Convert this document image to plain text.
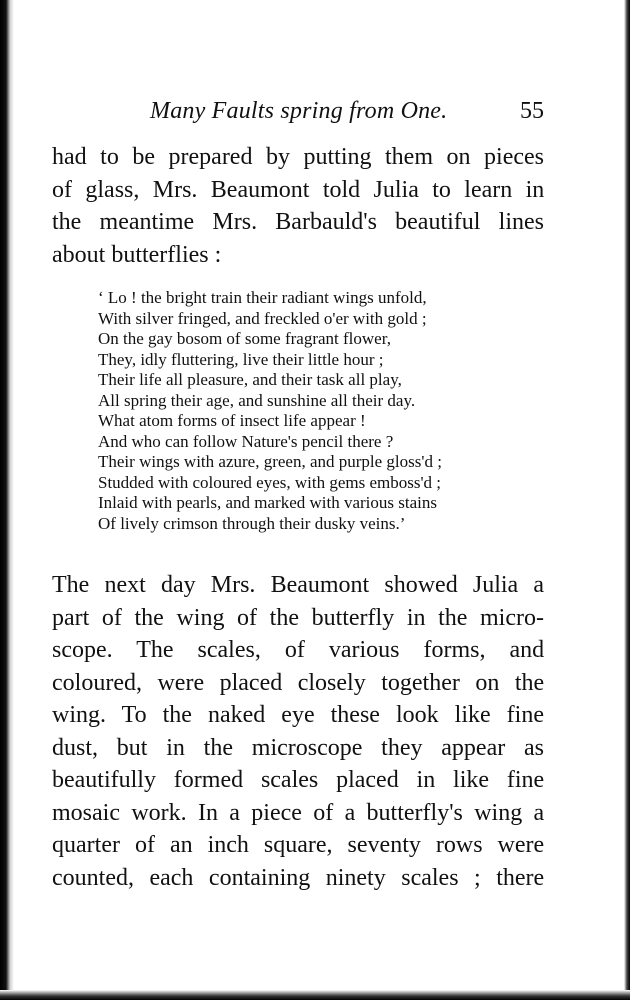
Many Faults spring from One.	55
had to be prepared by putting them on pieces
of glass, Mrs. Beaumont told Julia to learn in
the meantime Mrs. Barbauld's beautiful lines
about butterflies :
‘ Lo ! the bright train their radiant wings unfold,
With silver fringed, and freckled o'er with gold ;
On the gay bosom of some fragrant flower,
They, idly fluttering, live their little hour ;
Their life all pleasure, and their task all play,
All spring their age, and sunshine all their day.
What atom forms of insect life appear !
And who can follow Nature's pencil there ?
Their wings with azure, green, and purple gloss'd ;
Studded with coloured eyes, with gems emboss'd ;
Inlaid with pearls, and marked with various stains
Of lively crimson through their dusky veins.’
The next day Mrs. Beaumont showed Julia a
part of the wing of the butterfly in the micro-
scope. The scales, of various forms, and
coloured, were placed closely together on the
wing. To the naked eye these look like fine
dust, but in the microscope they appear as
beautifully formed scales placed in like fine
mosaic work. In a piece of a butterfly's wing a
quarter of an inch square, seventy rows were
counted, each containing ninety scales ; there
